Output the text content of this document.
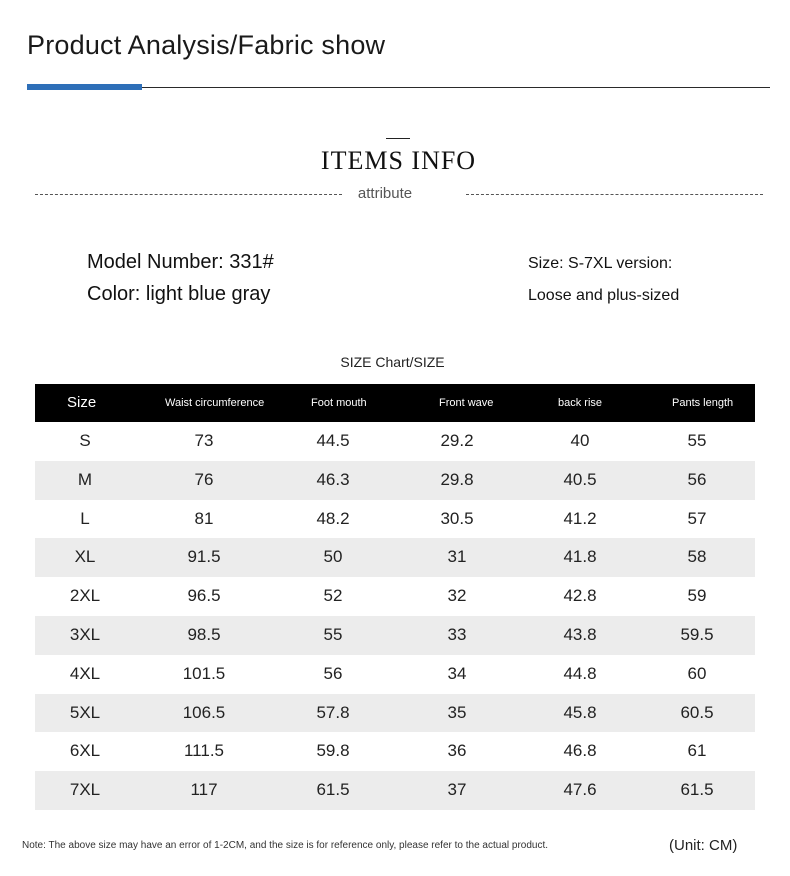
Product Analysis/Fabric show
ITEMS INFO
attribute
Model Number: 331#
Color: light blue gray
Size: S-7XL version:
Loose and plus-sized
SIZE Chart/SIZE
Size	Waist circumference	Foot mouth	Front wave	back rise	Pants length
S	73	44.5	29.2	40	55
M	76	46.3	29.8	40.5	56
L	81	48.2	30.5	41.2	57
XL	91.5	50	31	41.8	58
2XL	96.5	52	32	42.8	59
3XL	98.5	55	33	43.8	59.5
4XL	101.5	56	34	44.8	60
5XL	106.5	57.8	35	45.8	60.5
6XL	111.5	59.8	36	46.8	61
7XL	117	61.5	37	47.6	61.5
Note: The above size may have an error of 1-2CM, and the size is for reference only, please refer to the actual product.	(Unit: CM)
